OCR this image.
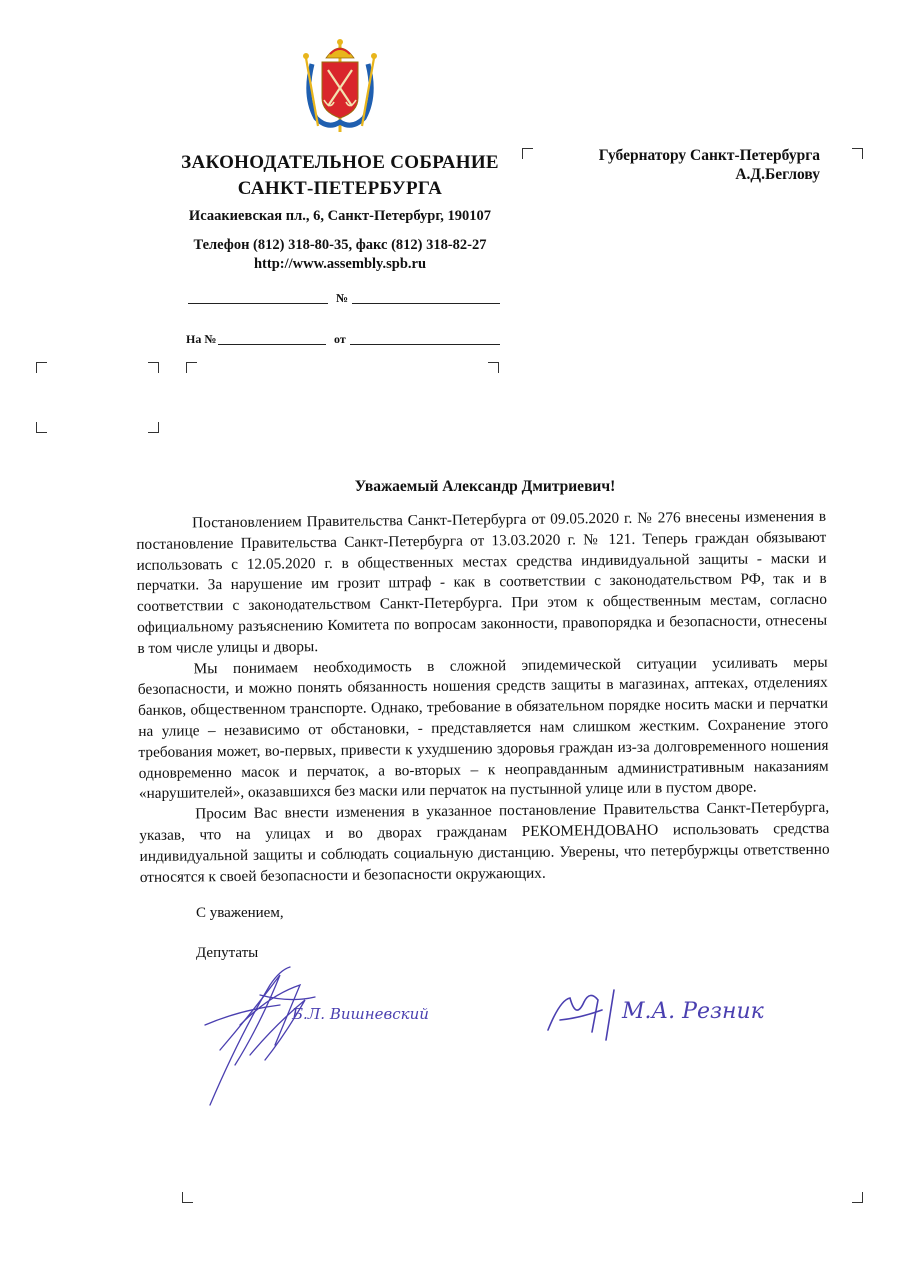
ЗАКОНОДАТЕЛЬНОЕ СОБРАНИЕ
САНКТ-ПЕТЕРБУРГА
Исаакиевская пл., 6, Санкт-Петербург, 190107
Телефон (812) 318-80-35, факс (812) 318-82-27
http://www.assembly.spb.ru
№
На №	от
Губернатору Санкт-Петербурга
А.Д.Беглову
Уважаемый Александр Дмитриевич!

Постановлением Правительства Санкт-Петербурга от 09.05.2020 г. № 276 внесены изменения в постановление Правительства Санкт-Петербурга от 13.03.2020 г. № 121. Теперь граждан обязывают использовать с 12.05.2020 г. в общественных местах средства индивидуальной защиты - маски и перчатки. За нарушение им грозит штраф - как в соответствии с законодательством РФ, так и в соответствии с законодательством Санкт-Петербурга. При этом к общественным местам, согласно официальному разъяснению Комитета по вопросам законности, правопорядка и безопасности, отнесены в том числе улицы и дворы.

Мы понимаем необходимость в сложной эпидемической ситуации усиливать меры безопасности, и можно понять обязанность ношения средств защиты в магазинах, аптеках, отделениях банков, общественном транспорте. Однако, требование в обязательном порядке носить маски и перчатки на улице – независимо от обстановки, - представляется нам слишком жестким. Сохранение этого требования может, во-первых, привести к ухудшению здоровья граждан из-за долговременного ношения одновременно масок и перчаток, а во-вторых – к неоправданным административным наказаниям «нарушителей», оказавшихся без маски или перчаток на пустынной улице или в пустом дворе.

Просим Вас внести изменения в указанное постановление Правительства Санкт-Петербурга, указав, что на улицах и во дворах гражданам РЕКОМЕНДОВАНО использовать средства индивидуальной защиты и соблюдать социальную дистанцию. Уверены, что петербуржцы ответственно относятся к своей безопасности и безопасности окружающих.

С уважением,
Депутаты
Б.Л. Вишневский	М.А. Резник
